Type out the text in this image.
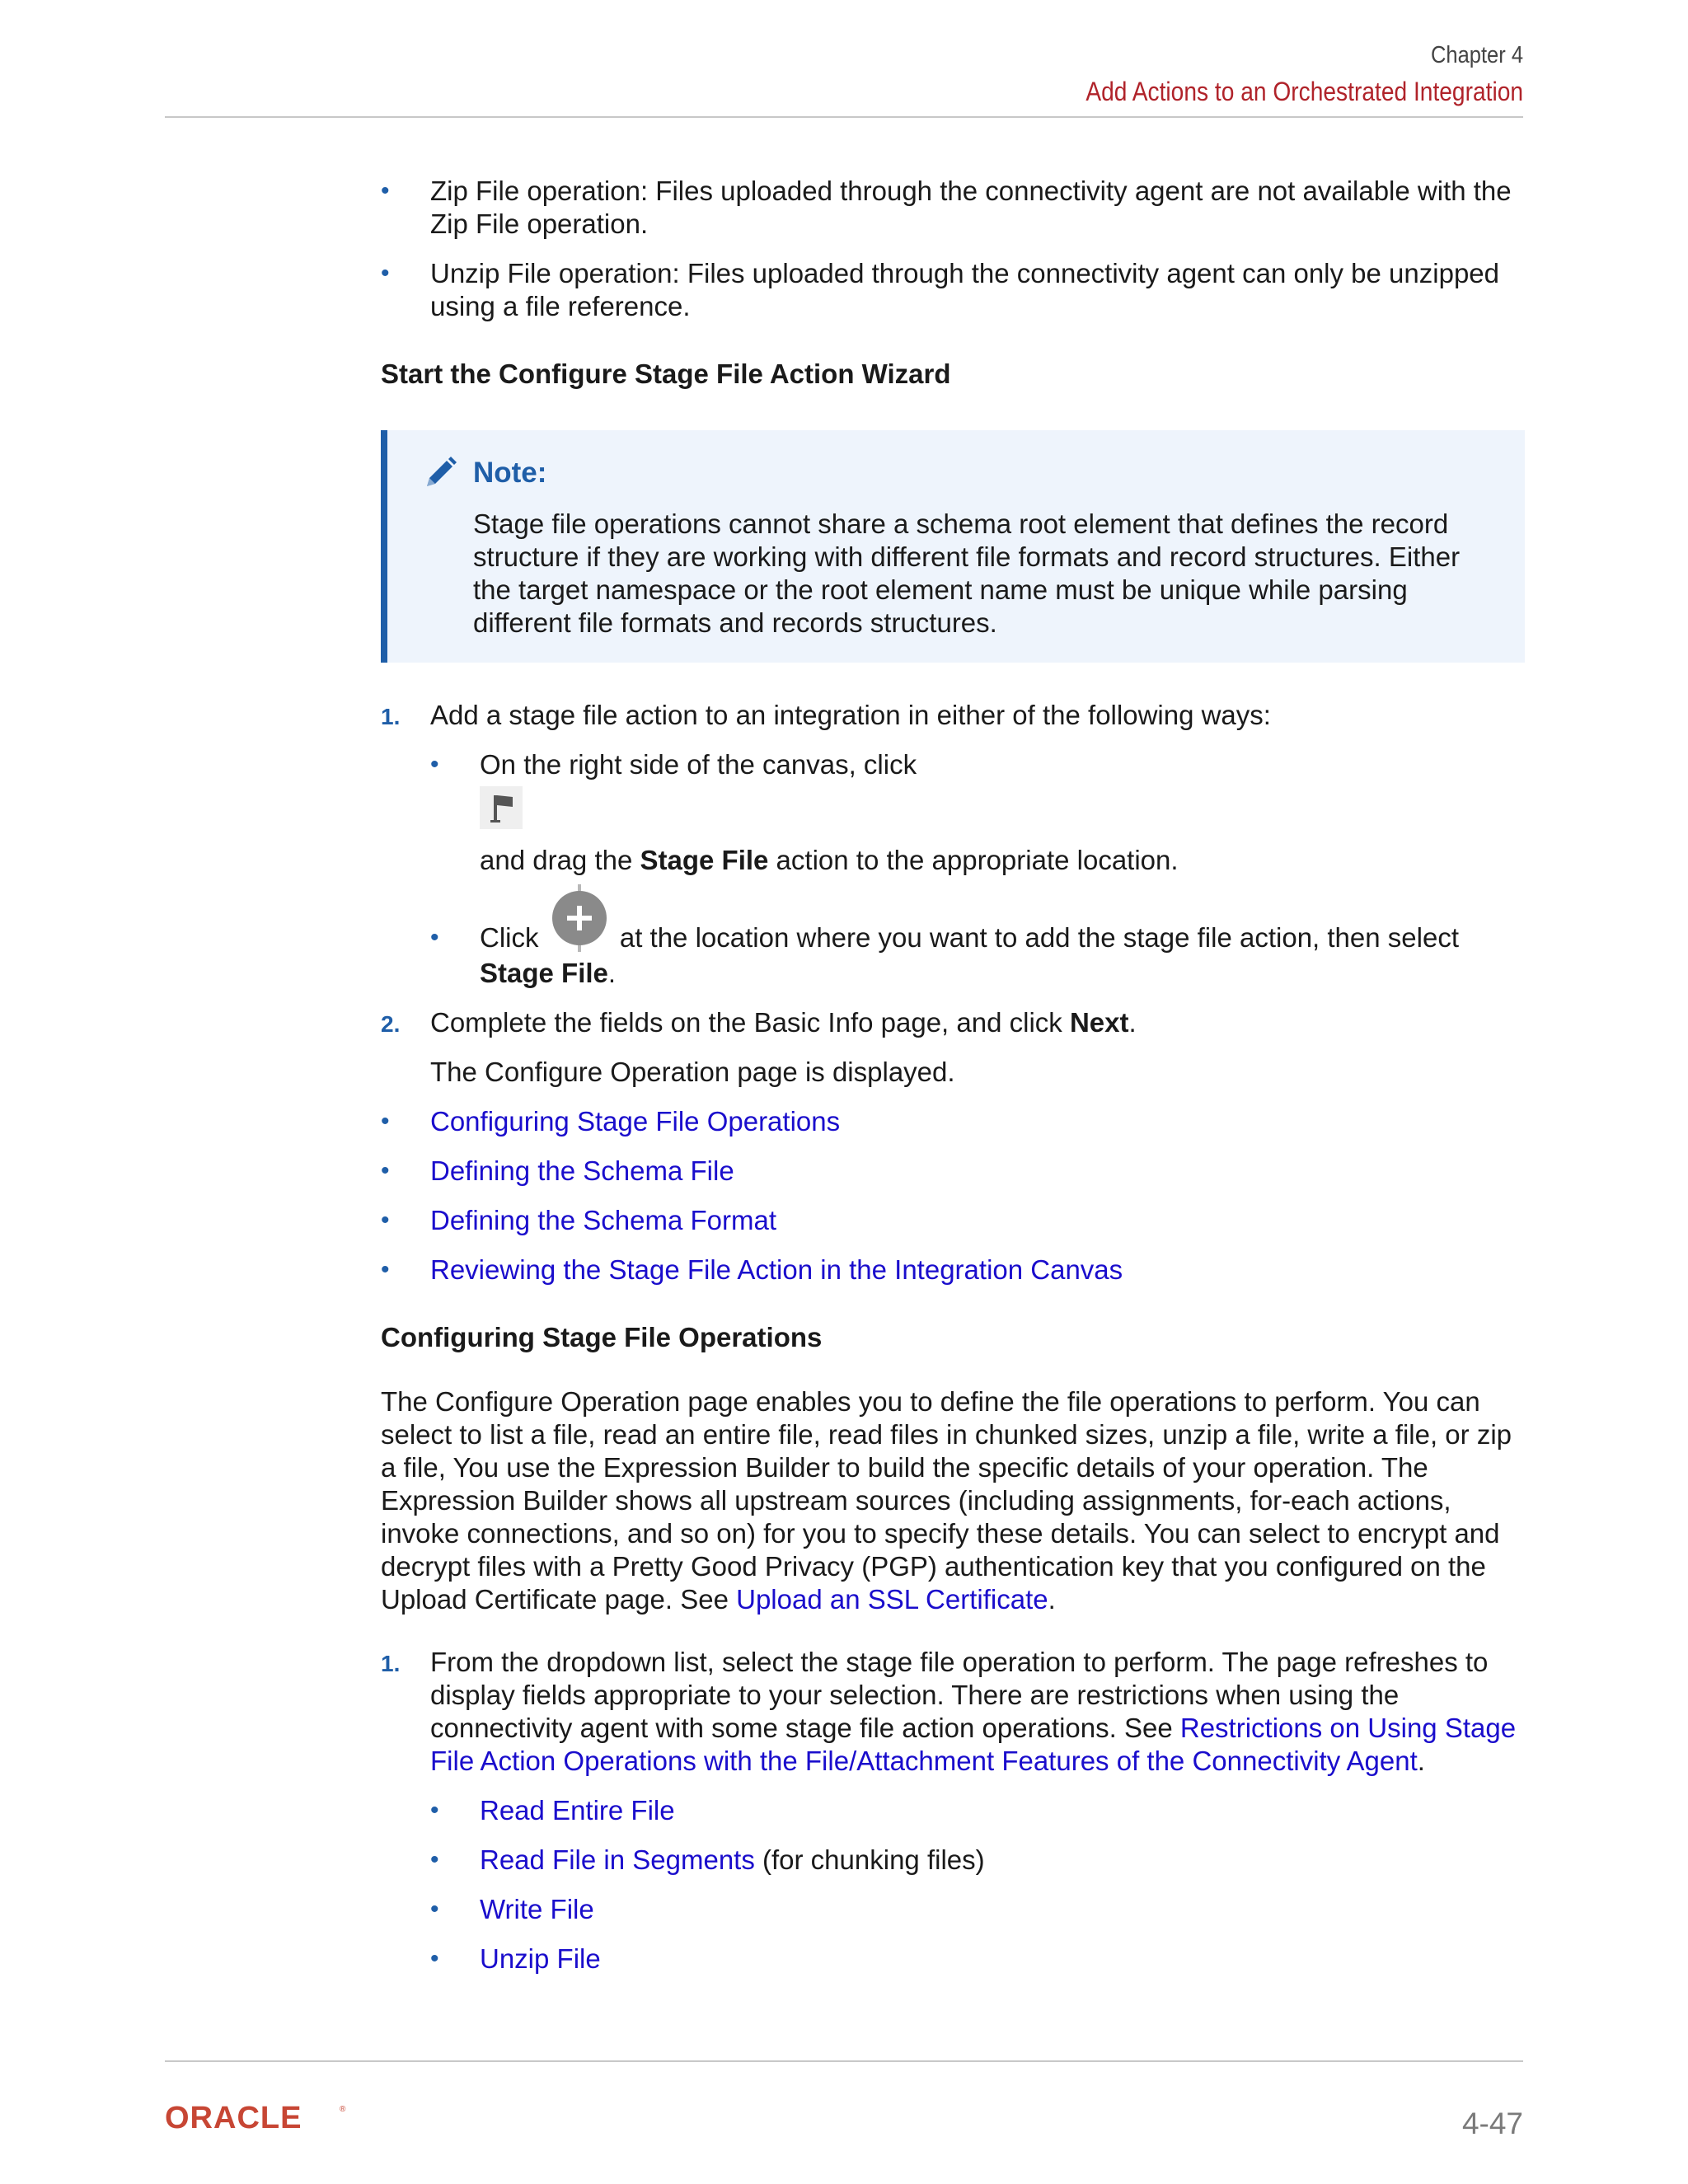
Chapter 4
Add Actions to an Orchestrated Integration
• Zip File operation: Files uploaded through the connectivity agent are not available with the Zip File operation.
• Unzip File operation: Files uploaded through the connectivity agent can only be unzipped using a file reference.
Start the Configure Stage File Action Wizard
Note:
Stage file operations cannot share a schema root element that defines the record structure if they are working with different file formats and record structures. Either the target namespace or the root element name must be unique while parsing different file formats and records structures.
1. Add a stage file action to an integration in either of the following ways:
• On the right side of the canvas, click
and drag the Stage File action to the appropriate location.
• Click	at the location where you want to add the stage file action, then select Stage File.
2. Complete the fields on the Basic Info page, and click Next.
The Configure Operation page is displayed.
• Configuring Stage File Operations
• Defining the Schema File
• Defining the Schema Format
• Reviewing the Stage File Action in the Integration Canvas
Configuring Stage File Operations
The Configure Operation page enables you to define the file operations to perform. You can select to list a file, read an entire file, read files in chunked sizes, unzip a file, write a file, or zip a file, You use the Expression Builder to build the specific details of your operation. The Expression Builder shows all upstream sources (including assignments, for-each actions, invoke connections, and so on) for you to specify these details. You can select to encrypt and decrypt files with a Pretty Good Privacy (PGP) authentication key that you configured on the Upload Certificate page. See Upload an SSL Certificate.
1. From the dropdown list, select the stage file operation to perform. The page refreshes to display fields appropriate to your selection. There are restrictions when using the connectivity agent with some stage file action operations. See Restrictions on Using Stage File Action Operations with the File/Attachment Features of the Connectivity Agent.
• Read Entire File
• Read File in Segments (for chunking files)
• Write File
• Unzip File
ORACLE	®	4-47
